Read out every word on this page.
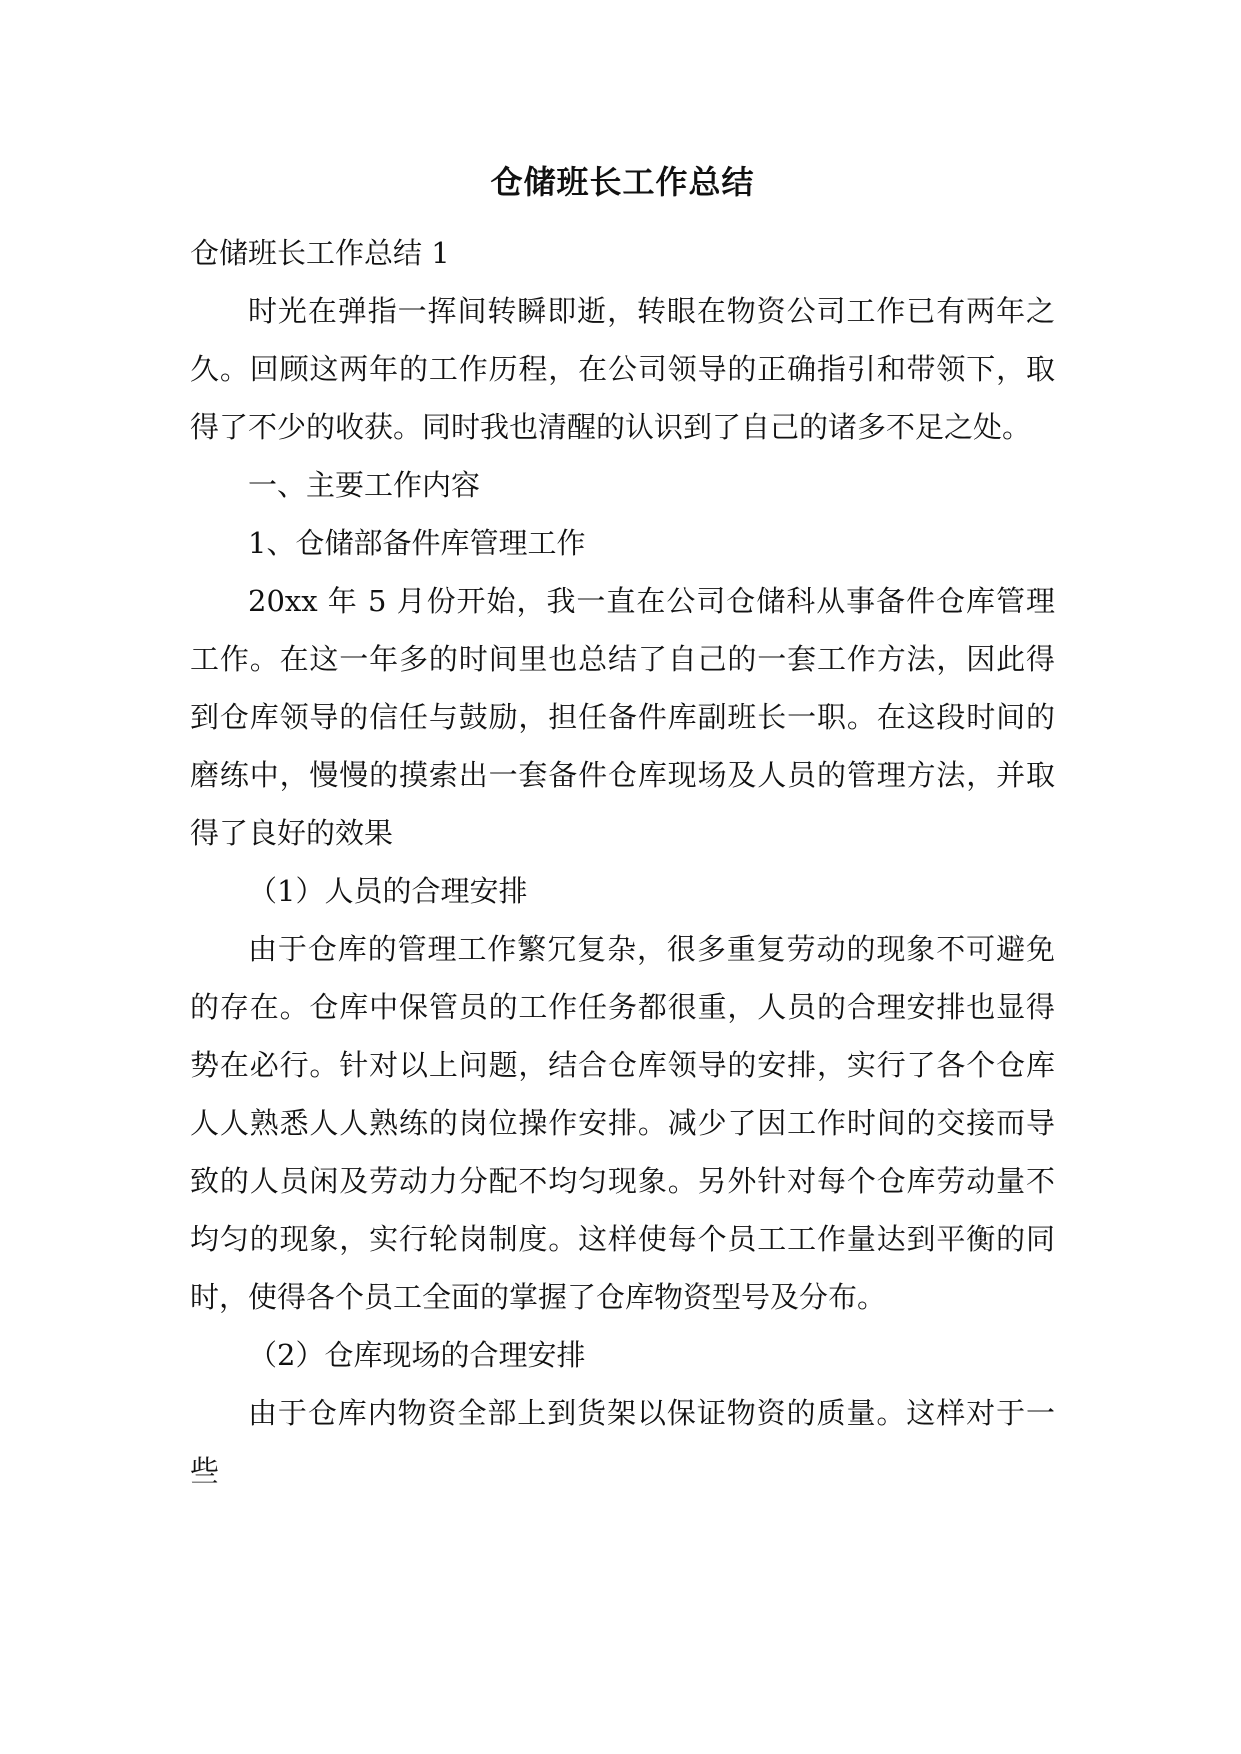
仓储班长工作总结

仓储班长工作总结 1

时光在弹指一挥间转瞬即逝，转眼在物资公司工作已有两年之久。回顾这两年的工作历程，在公司领导的正确指引和带领下，取得了不少的收获。同时我也清醒的认识到了自己的诸多不足之处。

一、主要工作内容

1、仓储部备件库管理工作

20xx 年 5 月份开始，我一直在公司仓储科从事备件仓库管理工作。在这一年多的时间里也总结了自己的一套工作方法，因此得到仓库领导的信任与鼓励，担任备件库副班长一职。在这段时间的磨练中，慢慢的摸索出一套备件仓库现场及人员的管理方法，并取得了良好的效果

（1）人员的合理安排

由于仓库的管理工作繁冗复杂，很多重复劳动的现象不可避免的存在。仓库中保管员的工作任务都很重，人员的合理安排也显得势在必行。针对以上问题，结合仓库领导的安排，实行了各个仓库人人熟悉人人熟练的岗位操作安排。减少了因工作时间的交接而导致的人员闲及劳动力分配不均匀现象。另外针对每个仓库劳动量不均匀的现象，实行轮岗制度。这样使每个员工工作量达到平衡的同时，使得各个员工全面的掌握了仓库物资型号及分布。

（2）仓库现场的合理安排

由于仓库内物资全部上到货架以保证物资的质量。这样对于一些
